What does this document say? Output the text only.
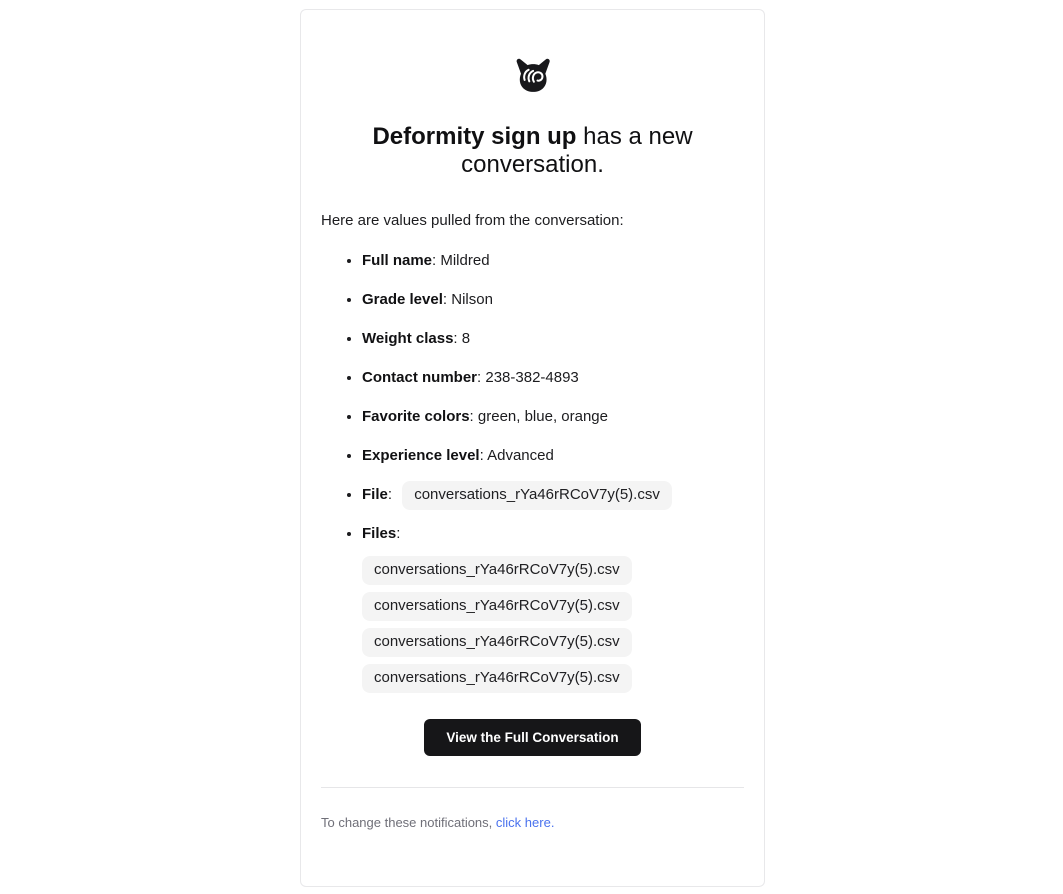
Deformity sign up has a new conversation.

Here are values pulled from the conversation:

• Full name: Mildred
• Grade level: Nilson
• Weight class: 8
• Contact number: 238-382-4893
• Favorite colors: green, blue, orange
• Experience level: Advanced
• File: conversations_rYa46rRCoV7y(5).csv
• Files:
conversations_rYa46rRCoV7y(5).csv
conversations_rYa46rRCoV7y(5).csv
conversations_rYa46rRCoV7y(5).csv
conversations_rYa46rRCoV7y(5).csv
View the Full Conversation

To change these notifications, click here.
